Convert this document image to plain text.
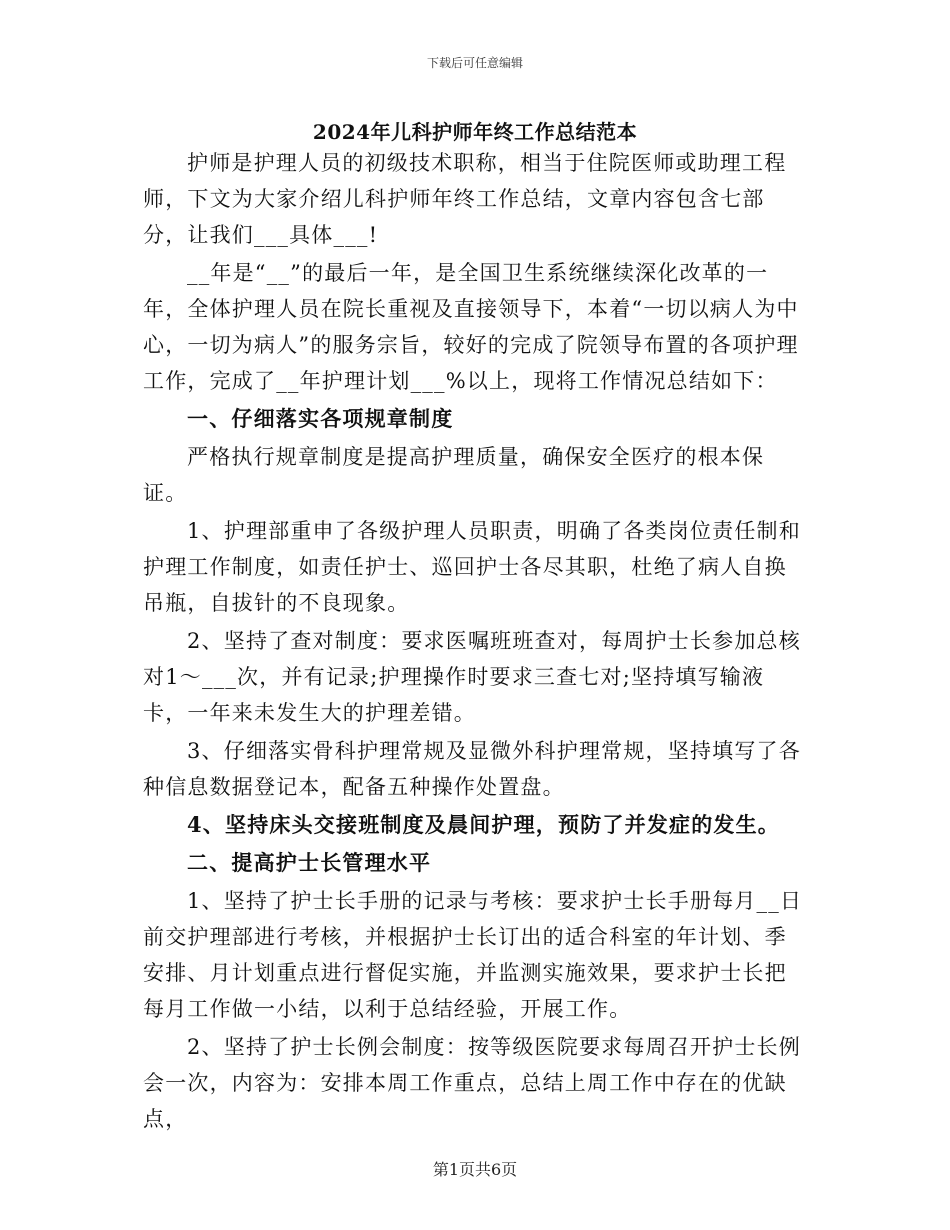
下载后可任意编辑
2024年儿科护师年终工作总结范本

护师是护理人员的初级技术职称，相当于住院医师或助理工程师，下文为大家介绍儿科护师年终工作总结，文章内容包含七部分，让我们___具体___!

__年是“__”的最后一年，是全国卫生系统继续深化改革的一年，全体护理人员在院长重视及直接领导下，本着“一切以病人为中心，一切为病人”的服务宗旨，较好的完成了院领导布置的各项护理工作，完成了__年护理计划___%以上，现将工作情况总结如下：

一、仔细落实各项规章制度

严格执行规章制度是提高护理质量，确保安全医疗的根本保证。

1、护理部重申了各级护理人员职责，明确了各类岗位责任制和护理工作制度，如责任护士、巡回护士各尽其职，杜绝了病人自换吊瓶，自拔针的不良现象。

2、坚持了查对制度：要求医嘱班班查对，每周护士长参加总核对1～___次，并有记录;护理操作时要求三查七对;坚持填写输液卡，一年来未发生大的护理差错。

3、仔细落实骨科护理常规及显微外科护理常规，坚持填写了各种信息数据登记本，配备五种操作处置盘。

4、坚持床头交接班制度及晨间护理，预防了并发症的发生。

二、提高护士长管理水平

1、坚持了护士长手册的记录与考核：要求护士长手册每月__日前交护理部进行考核，并根据护士长订出的适合科室的年计划、季安排、月计划重点进行督促实施，并监测实施效果，要求护士长把每月工作做一小结，以利于总结经验，开展工作。

2、坚持了护士长例会制度：按等级医院要求每周召开护士长例会一次，内容为：安排本周工作重点，总结上周工作中存在的优缺点，

第1页共6页
